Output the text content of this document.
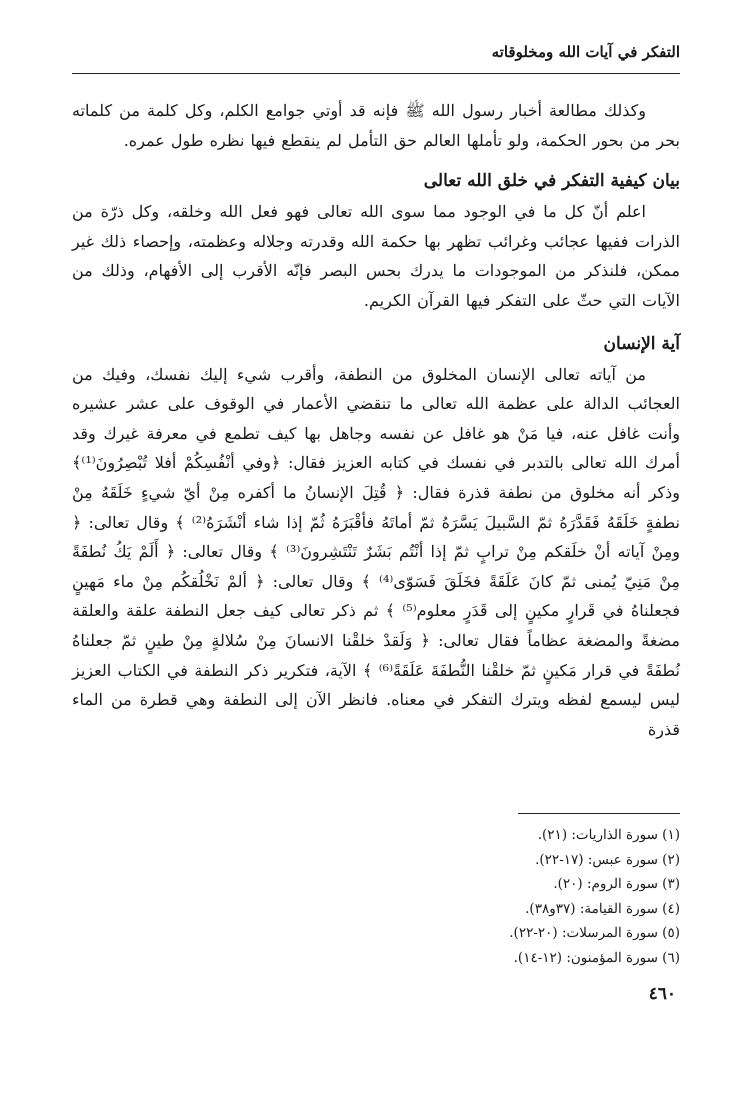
التفكر في آيات الله ومخلوقاته

وكذلك مطالعة أخبار رسول الله ﷺ فإنه قد أوتي جوامع الكلم، وكل كلمة من كلماته بحر من بحور الحكمة، ولو تأملها العالم حق التأمل لم ينقطع فيها نظره طول عمره.

بيان كيفية التفكر في خلق الله تعالى

اعلم أنّ كل ما في الوجود مما سوى الله تعالى فهو فعل الله وخلقه، وكل ذرّة من الذرات ففيها عجائب وغرائب تظهر بها حكمة الله وقدرته وجلاله وعظمته، وإحصاء ذلك غير ممكن، فلنذكر من الموجودات ما يدرك بحس البصر فإنّه الأقرب إلى الأفهام، وذلك من الآيات التي حثّ على التفكر فيها القرآن الكريم.

آية الإنسان

من آياته تعالى الإنسان المخلوق من النطفة، وأقرب شيء إليك نفسك، وفيك من العجائب الدالة على عظمة الله تعالى ما تنقضي الأعمار في الوقوف على عشر عشيره وأنت غافل عنه، فيا مَنْ هو غافل عن نفسه وجاهل بها كيف تطمع في معرفة غيرك وقد أمرك الله تعالى بالتدبر في نفسك في كتابه العزيز فقال: ﴿وفي أنْفُسِكُمْ أفلا تُبْصِرُونَ⁽¹⁾﴾ وذكر أنه مخلوق من نطفة قذرة فقال: ﴿ قُتِلَ الإنسانُ ما أكفره مِنْ أيّ شيءٍ خَلَقَهُ مِنْ نطفةٍ خَلَقَهُ فَقَدَّرَهُ ثمّ السَّبيلَ يَسَّرَهُ ثمّ أماتَهُ فأقْبَرَهُ ثُمّ إذا شاء أنْشَرَهُ⁽²⁾ ﴾ وقال تعالى: ﴿ ومِنْ آياته أنْ خلَقكم مِنْ ترابٍ ثمّ إذا أنْتُم بَشَرٌ تَنْتَشِرونَ⁽³⁾ ﴾ وقال تعالى: ﴿ أَلَمْ يَكُ نُطفَةً مِنْ مَنِيّ يُمنى ثمّ كانَ عَلَقَةً فخَلَقَ فَسَوّى⁽⁴⁾ ﴾ وقال تعالى: ﴿ ألمْ نَخْلُقكُم مِنْ ماء مَهينٍ فجعلناهُ في قَرارٍ مكينٍ إلى قَدَرٍ معلوم⁽⁵⁾ ﴾ ثم ذكر تعالى كيف جعل النطفة علقة والعلقة مضغةً والمضغة عظاماً فقال تعالى: ﴿ وَلَقدْ خلقْنا الانسانَ مِنْ سُلالةٍ مِنْ طينٍ ثمّ جعلناهُ نُطفَةً في قرار مَكينٍ ثمّ خلقْنا النُّطفَةَ عَلَقَةً⁽⁶⁾ ﴾ الآية، فتكرير ذكر النطفة في الكتاب العزيز ليس ليسمع لفظه ويترك التفكر في معناه. فانظر الآن إلى النطفة وهي قطرة من الماء قذرة

(١) سورة الذاريات: (٢١).
(٢) سورة عبس: (١٧-٢٢).
(٣) سورة الروم: (٢٠).
(٤) سورة القيامة: (٣٧و٣٨).
(٥) سورة المرسلات: (٢٠-٢٢).
(٦) سورة المؤمنون: (١٢-١٤).
٤٦٠
